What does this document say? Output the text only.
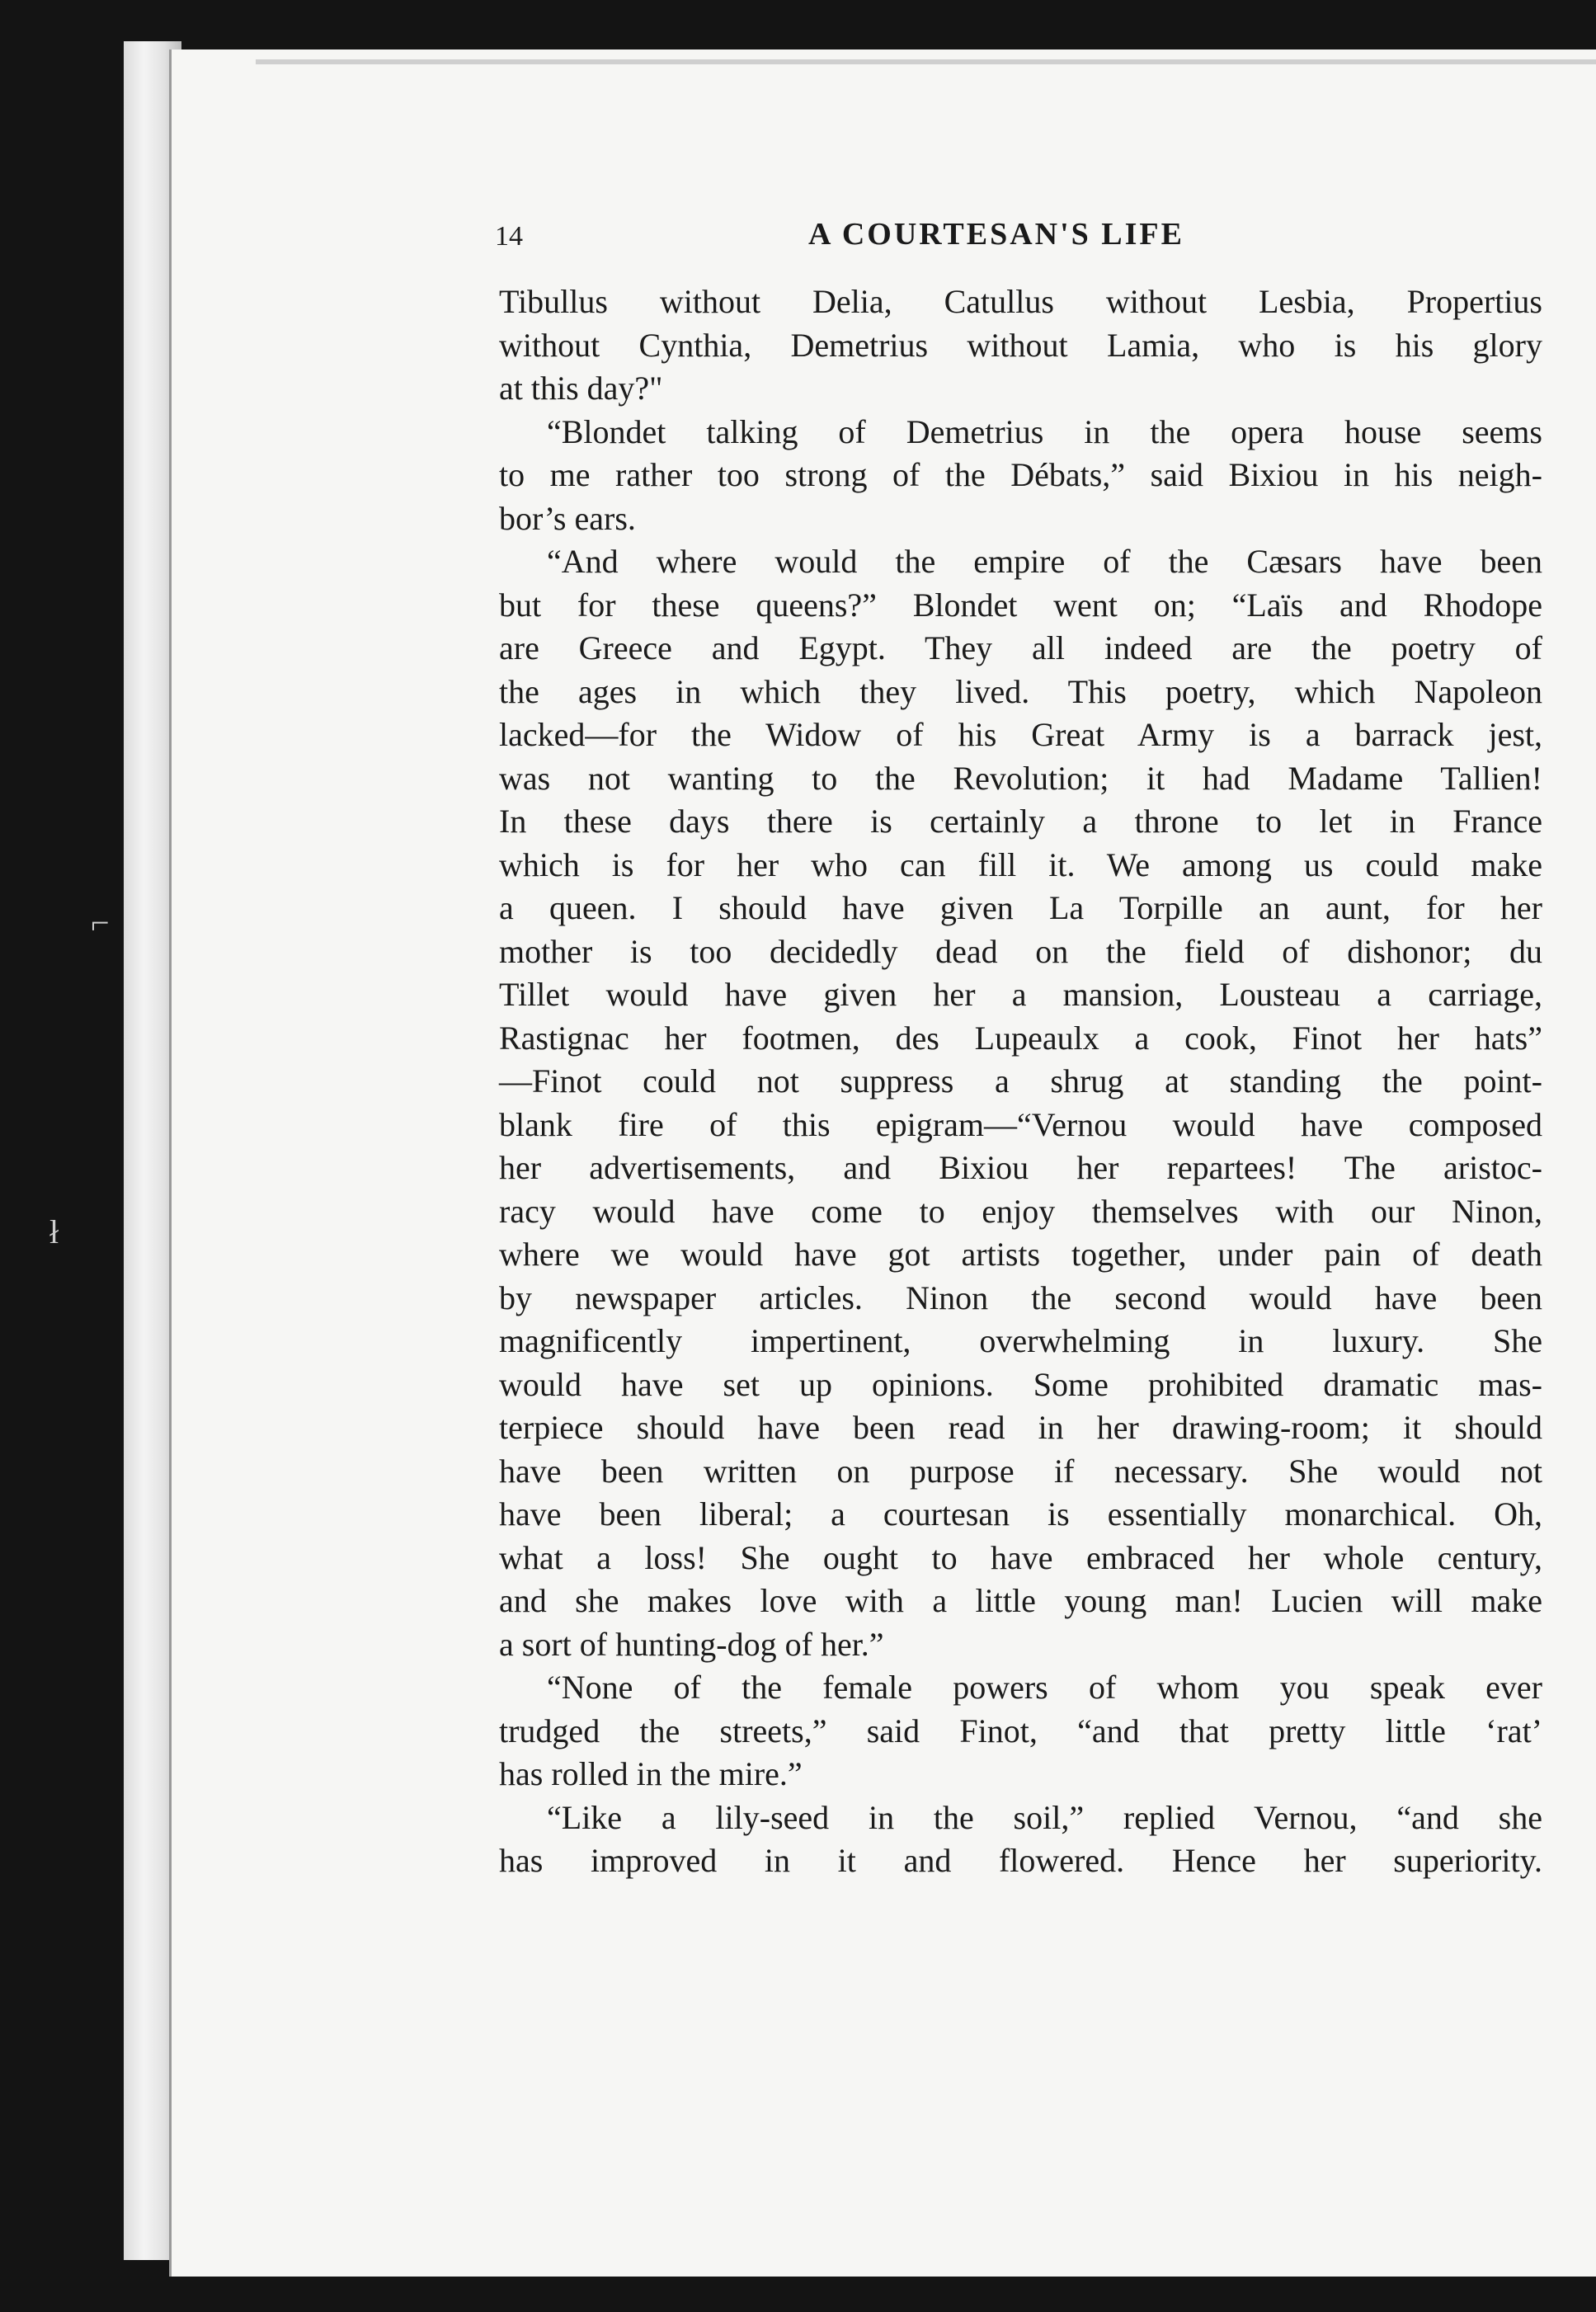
⌐
ł
14	A COURTESAN'S LIFE
Tibullus without Delia, Catullus without Lesbia, Propertius
without Cynthia, Demetrius without Lamia, who is his glory
at this day?"
“Blondet talking of Demetrius in the opera house seems
to me rather too strong of the Débats,” said Bixiou in his neigh-
bor’s ears.
“And where would the empire of the Cæsars have been
but for these queens?” Blondet went on; “Laïs and Rhodope
are Greece and Egypt. They all indeed are the poetry of
the ages in which they lived. This poetry, which Napoleon
lacked—for the Widow of his Great Army is a barrack jest,
was not wanting to the Revolution; it had Madame Tallien!
In these days there is certainly a throne to let in France
which is for her who can fill it. We among us could make
a queen. I should have given La Torpille an aunt, for her
mother is too decidedly dead on the field of dishonor; du
Tillet would have given her a mansion, Lousteau a carriage,
Rastignac her footmen, des Lupeaulx a cook, Finot her hats”
—Finot could not suppress a shrug at standing the point-
blank fire of this epigram—“Vernou would have composed
her advertisements, and Bixiou her repartees! The aristoc-
racy would have come to enjoy themselves with our Ninon,
where we would have got artists together, under pain of death
by newspaper articles. Ninon the second would have been
magnificently impertinent, overwhelming in luxury. She
would have set up opinions. Some prohibited dramatic mas-
terpiece should have been read in her drawing-room; it should
have been written on purpose if necessary. She would not
have been liberal; a courtesan is essentially monarchical. Oh,
what a loss! She ought to have embraced her whole century,
and she makes love with a little young man! Lucien will make
a sort of hunting-dog of her.”
“None of the female powers of whom you speak ever
trudged the streets,” said Finot, “and that pretty little ‘rat’
has rolled in the mire.”
“Like a lily-seed in the soil,” replied Vernou, “and she
has improved in it and flowered. Hence her superiority.
